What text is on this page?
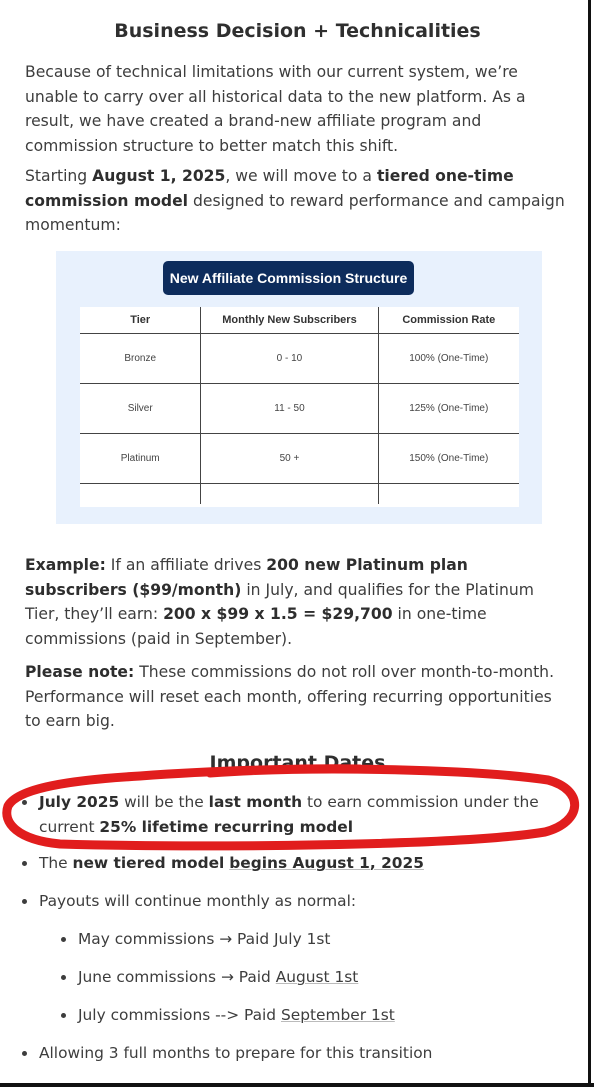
Business Decision + Technicalities

Because of technical limitations with our current system, we’re unable to carry over all historical data to the new platform. As a result, we have created a brand-new affiliate program and commission structure to better match this shift.

Starting August 1, 2025, we will move to a tiered one-time commission model designed to reward performance and campaign momentum:

Example: If an affiliate drives 200 new Platinum plan subscribers ($99/month) in July, and qualifies for the Platinum Tier, they’ll earn: 200 x $99 x 1.5 = $29,700 in one-time commissions (paid in September).

Please note: These commissions do not roll over month-to-month. Performance will reset each month, offering recurring opportunities to earn big.

Important Dates
New Affiliate Commission Structure
Tier	Monthly New Subscribers	Commission Rate
Bronze	0 - 10	100% (One-Time)
Silver	11 - 50	125% (One-Time)
Platinum	50 +	150% (One-Time)

July 2025 will be the last month to earn commission under the current 25% lifetime recurring model
The new tiered model begins August 1, 2025
Payouts will continue monthly as normal:
May commissions → Paid July 1st
June commissions → Paid August 1st
July commissions --> Paid September 1st
Allowing 3 full months to prepare for this transition
